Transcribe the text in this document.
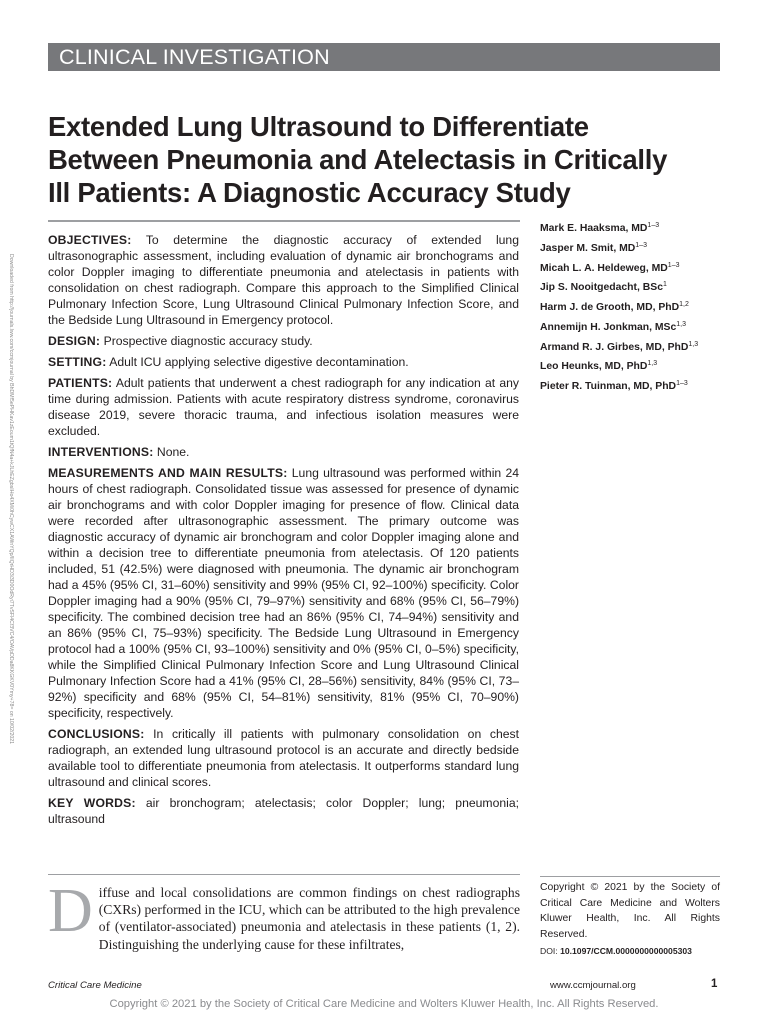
CLINICAL INVESTIGATION
Extended Lung Ultrasound to Differentiate
Between Pneumonia and Atelectasis in Critically
Ill Patients: A Diagnostic Accuracy Study
Downloaded from http://journals.lww.com/ccmjournal by BhDMf5ePHKav1zEoum1tQfN4a+kJLhEZgbsIHo4XMi0hCywCX1AWnYQp/IlQrHD3i3D0OdRyi7TvSFl4Cf3VC4/OAVpDDa8KKGKV0Ymy+78= on 10/02/2021

OBJECTIVES: To determine the diagnostic accuracy of extended lung ultrasonographic assessment, including evaluation of dynamic air bronchograms and color Doppler imaging to differentiate pneumonia and atelectasis in patients with consolidation on chest radiograph. Compare this approach to the Simplified Clinical Pulmonary Infection Score, Lung Ultrasound Clinical Pulmonary Infection Score, and the Bedside Lung Ultrasound in Emergency protocol.

DESIGN: Prospective diagnostic accuracy study.

SETTING: Adult ICU applying selective digestive decontamination.

PATIENTS: Adult patients that underwent a chest radiograph for any indication at any time during admission. Patients with acute respiratory distress syndrome, coronavirus disease 2019, severe thoracic trauma, and infectious isolation measures were excluded.

INTERVENTIONS: None.

MEASUREMENTS AND MAIN RESULTS: Lung ultrasound was performed within 24 hours of chest radiograph. Consolidated tissue was assessed for presence of dynamic air bronchograms and with color Doppler imaging for presence of flow. Clinical data were recorded after ultrasonographic assessment. The primary outcome was diagnostic accuracy of dynamic air bronchogram and color Doppler imaging alone and within a decision tree to differentiate pneumonia from atelectasis. Of 120 patients included, 51 (42.5%) were diagnosed with pneumonia. The dynamic air bronchogram had a 45% (95% CI, 31–60%) sensitivity and 99% (95% CI, 92–100%) specificity. Color Doppler imaging had a 90% (95% CI, 79–97%) sensitivity and 68% (95% CI, 56–79%) specificity. The combined decision tree had an 86% (95% CI, 74–94%) sensitivity and an 86% (95% CI, 75–93%) specificity. The Bedside Lung Ultrasound in Emergency protocol had a 100% (95% CI, 93–100%) sensitivity and 0% (95% CI, 0–5%) specificity, while the Simplified Clinical Pulmonary Infection Score and Lung Ultrasound Clinical Pulmonary Infection Score had a 41% (95% CI, 28–56%) sensitivity, 84% (95% CI, 73–92%) specificity and 68% (95% CI, 54–81%) sensitivity, 81% (95% CI, 70–90%) specificity, respectively.

CONCLUSIONS: In critically ill patients with pulmonary consolidation on chest radiograph, an extended lung ultrasound protocol is an accurate and directly bedside available tool to differentiate pneumonia from atelectasis. It outperforms standard lung ultrasound and clinical scores.

KEY WORDS: air bronchogram; atelectasis; color Doppler; lung; pneumonia; ultrasound

Mark E. Haaksma, MD$^{1-3}$
Jasper M. Smit, MD$^{1-3}$
Micah L. A. Heldeweg, MD$^{1-3}$
Jip S. Nooitgedacht, BSc$^1$
Harm J. de Grooth, MD, PhD$^{1,2}$
Annemijn H. Jonkman, MSc$^{1,3}$
Armand R. J. Girbes, MD, PhD$^{1,3}$
Leo Heunks, MD, PhD$^{1,3}$
Pieter R. Tuinman, MD, PhD$^{1-3}$
Diffuse and local consolidations are common findings on chest radiographs (CXRs) performed in the ICU, which can be attributed to the high prevalence of (ventilator-associated) pneumonia and atelectasis in these patients (1, 2). Distinguishing the underlying cause for these infiltrates,
Copyright © 2021 by the Society of Critical Care Medicine and Wolters Kluwer Health, Inc. All Rights Reserved.
DOI: 10.1097/CCM.0000000000005303
Critical Care Medicine	www.ccmjournal.org	1
Copyright © 2021 by the Society of Critical Care Medicine and Wolters Kluwer Health, Inc. All Rights Reserved.
